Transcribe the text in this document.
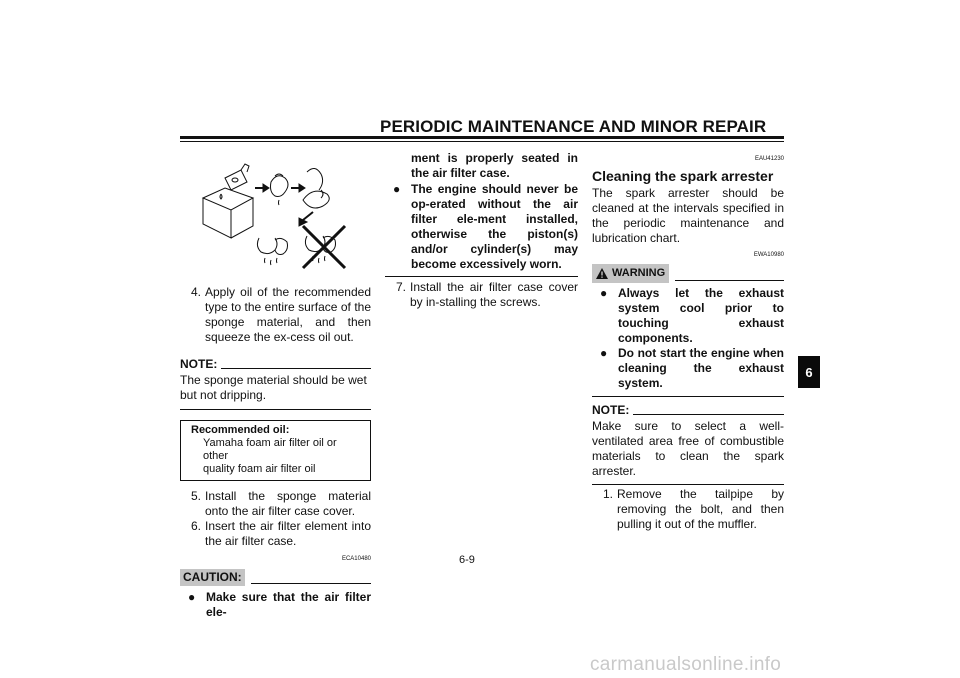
PERIODIC MAINTENANCE AND MINOR REPAIR
4. Apply oil of the recommended type to the entire surface of the sponge material, and then squeeze the ex-cess oil out.
NOTE:
The sponge material should be wet but not dripping.
Recommended oil:
Yamaha foam air filter oil or other
quality foam air filter oil
5. Install the sponge material onto the air filter case cover.
6. Insert the air filter element into the air filter case.
ECA10480
CAUTION:
● Make sure that the air filter ele-
ment is properly seated in the air filter case.
● The engine should never be op-erated without the air filter ele-ment installed, otherwise the piston(s) and/or cylinder(s) may become excessively worn.
7. Install the air filter case cover by in-stalling the screws.
EAU41230
Cleaning the spark arrester
The spark arrester should be cleaned at the intervals specified in the periodic maintenance and lubrication chart.
EWA10980
WARNING
● Always let the exhaust system cool prior to touching exhaust components.
● Do not start the engine when cleaning the exhaust system.
NOTE:
Make sure to select a well-ventilated area free of combustible materials to clean the spark arrester.
1. Remove the tailpipe by removing the bolt, and then pulling it out of the muffler.
6
6-9
carmanualsonline.info
